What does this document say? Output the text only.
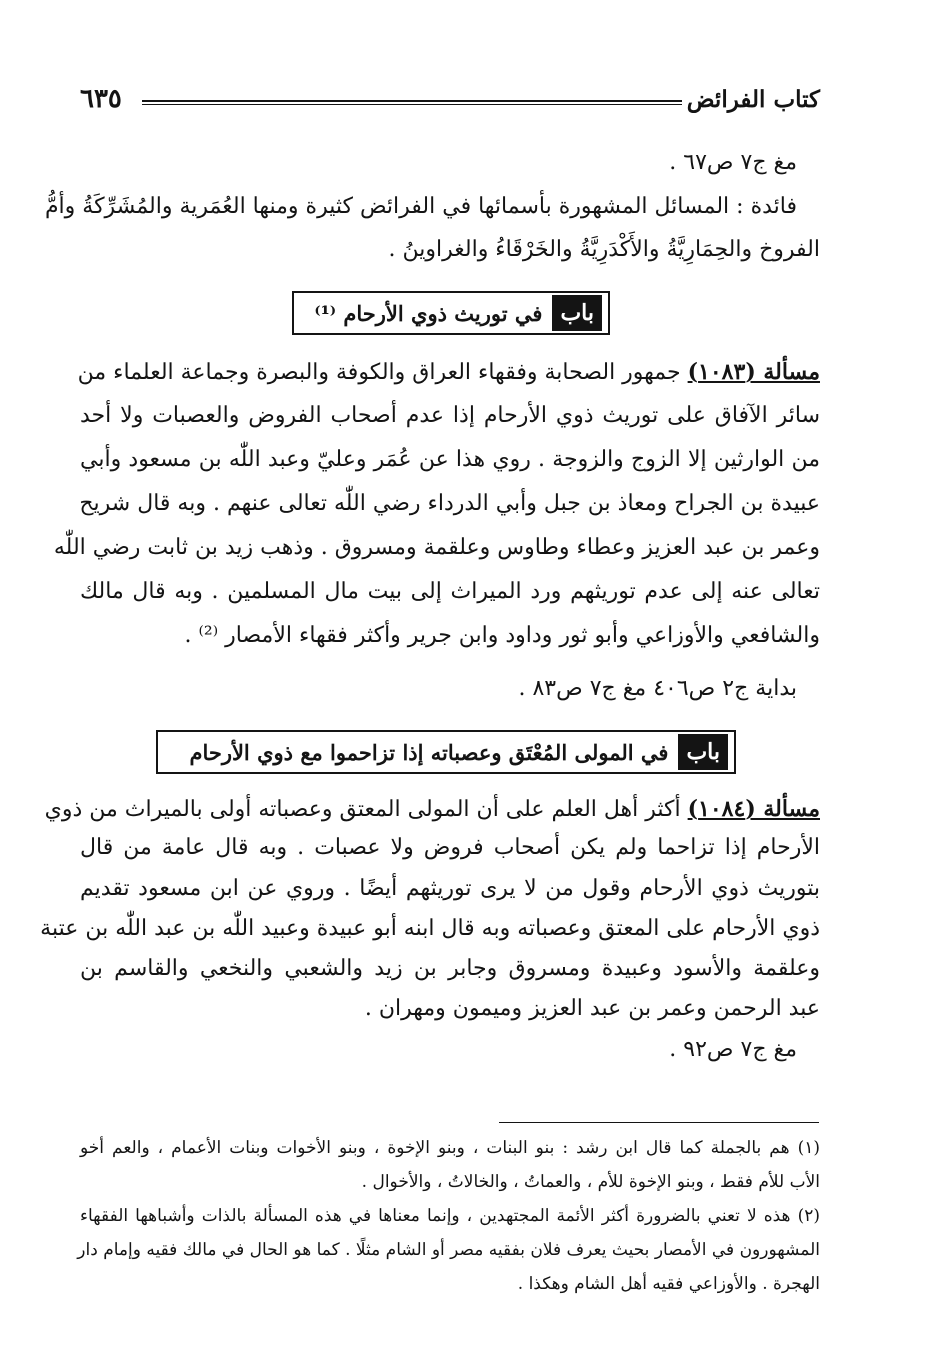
كتاب الفرائض
٦٣٥
مغ ج٧ ص٦٧ .
فائدة : المسائل المشهورة بأسمائها في الفرائض كثيرة ومنها العُمَرية والمُشَرِّكَةُ وأمُّ
الفروخ والحِمَارِيَّةُ والأَكْدَرِيَّةُ والخَرْقَاءُ والغراوينُ .
باب
في توريث ذوي الأرحام ⁽¹⁾
مسألة (١٠٨٣) جمهور الصحابة وفقهاء العراق والكوفة والبصرة وجماعة العلماء من
سائر الآفاق على توريث ذوي الأرحام إذا عدم أصحاب الفروض والعصبات ولا أحد
من الوارثين إلا الزوج والزوجة . روي هذا عن عُمَر وعليّ وعبد اللّٰه بن مسعود وأبي
عبيدة بن الجراح ومعاذ بن جبل وأبي الدرداء رضي اللّٰه تعالى عنهم . وبه قال شريح
وعمر بن عبد العزيز وعطاء وطاوس وعلقمة ومسروق . وذهب زيد بن ثابت رضي اللّٰه
تعالى عنه إلى عدم توريثهم ورد الميراث إلى بيت مال المسلمين . وبه قال مالك
والشافعي والأوزاعي وأبو ثور وداود وابن جرير وأكثر فقهاء الأمصار ⁽²⁾ .
بداية ج٢ ص٤٠٦ مغ ج٧ ص٨٣ .
باب
في المولى المُعْتَق وعصباته إذا تزاحموا مع ذوي الأرحام
مسألة (١٠٨٤) أكثر أهل العلم على أن المولى المعتق وعصباته أولى بالميراث من ذوي
الأرحام إذا تزاحما ولم يكن أصحاب فروض ولا عصبات . وبه قال عامة من قال
بتوريث ذوي الأرحام وقول من لا يرى توريثهم أيضًا . وروي عن ابن مسعود تقديم
ذوي الأرحام على المعتق وعصباته وبه قال ابنه أبو عبيدة وعبيد اللّٰه بن عبد اللّٰه بن عتبة
وعلقمة والأسود وعبيدة ومسروق وجابر بن زيد والشعبي والنخعي والقاسم بن
عبد الرحمن وعمر بن عبد العزيز وميمون ومهران .
مغ ج٧ ص٩٢ .
(١) هم بالجملة كما قال ابن رشد : بنو البنات ، وبنو الإخوة ، وبنو الأخوات وبنات الأعمام ، والعم أخو
الأب للأم فقط ، وبنو الإخوة للأم ، والعماتُ ، والخالاتُ ، والأخوال .
(٢) هذه لا تعني بالضرورة أكثر الأئمة المجتهدين ، وإنما معناها في هذه المسألة بالذات وأشباهها الفقهاء
المشهورون في الأمصار بحيث يعرف فلان بفقيه مصر أو الشام مثلًا . كما هو الحال في مالك فقيه وإمام دار
الهجرة . والأوزاعي فقيه أهل الشام وهكذا .
